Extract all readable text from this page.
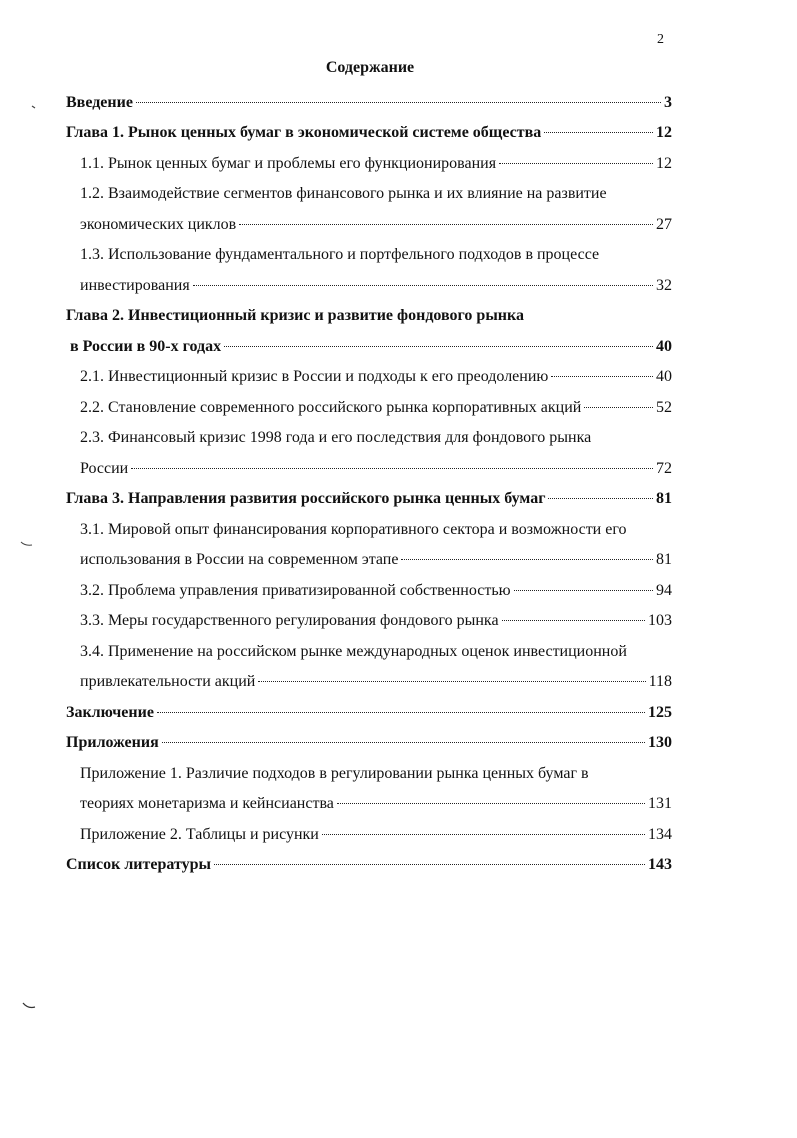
2
Содержание
Введение	3
Глава 1. Рынок ценных бумаг в экономической системе общества	12
1.1. Рынок ценных бумаг и проблемы его функционирования	12
1.2. Взаимодействие сегментов финансового рынка и их влияние на развитие
экономических циклов	27
1.3. Использование фундаментального и портфельного подходов в процессе
инвестирования	32
Глава 2. Инвестиционный кризис и развитие фондового рынка
в России в 90-х годах	40
2.1. Инвестиционный кризис в России и подходы к его преодолению	40
2.2. Становление современного российского рынка корпоративных акций	52
2.3. Финансовый кризис 1998 года и его последствия для фондового рынка
России	72
Глава 3. Направления развития российского рынка ценных бумаг	81
3.1. Мировой опыт финансирования корпоративного сектора и возможности его
использования в России на современном этапе	81
3.2. Проблема управления приватизированной собственностью	94
3.3. Меры государственного регулирования фондового рынка	103
3.4. Применение на российском рынке международных оценок инвестиционной
привлекательности акций	118
Заключение	125
Приложения	130
Приложение 1. Различие подходов в регулировании рынка ценных бумаг в
теориях монетаризма и кейнсианства	131
Приложение 2. Таблицы и рисунки	134
Список литературы	143
